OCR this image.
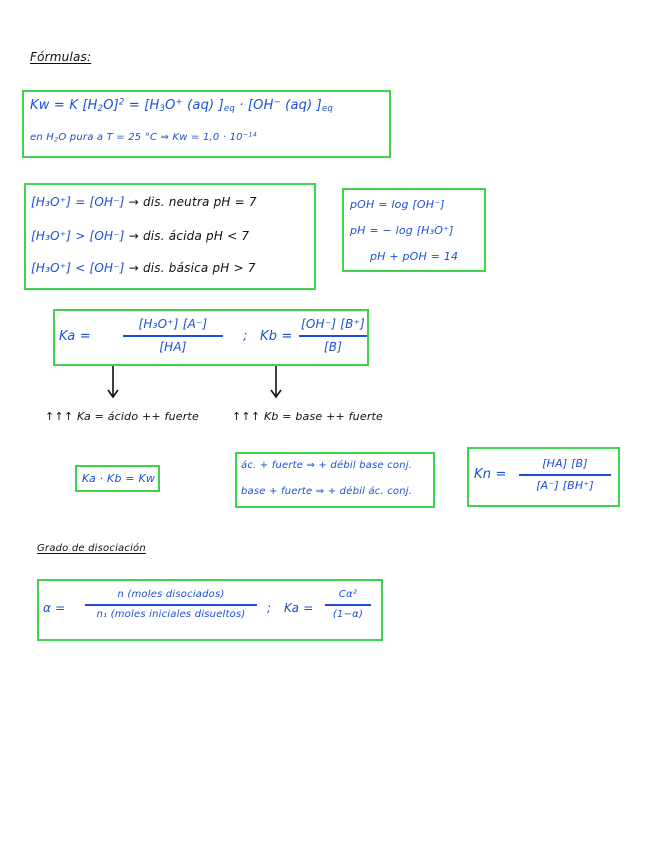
Fórmulas:
Kw = K $[H_2O]^2 = [H_3O^+$ (aq) ]$_{eq} \cdot [OH^-$ (aq) ]$_{eq}$
en $H_2O$ pura a T = 25 °C ⇒ $Kw = 1,0 \cdot 10^{-14}$
[H₃O⁺] = [OH⁻] → dis. neutra pH = 7
[H₃O⁺] > [OH⁻] → dis. ácida pH < 7
[H₃O⁺] < [OH⁻] → dis. básica pH > 7
pOH = log [OH⁻]
pH = − log [H₃O⁺]
pH + pOH = 14
Ka =
[H₃O⁺] [A⁻]
[HA]
; Kb =
[OH⁻] [B⁺]
[B]
↑↑↑ Ka = ácido ++ fuerte	↑↑↑ Kb = base ++ fuerte
Ka · Kb = Kw
ác. + fuerte ⇒ + débil base conj.
base + fuerte ⇒ + débil ác. conj.
Kn =
[HA] [B]
[A⁻] [BH⁺]
Grado de disociación
α =
n (moles disociados)
n₁ (moles iniciales disueltos) ; Ka =
Cα²
(1−α)
